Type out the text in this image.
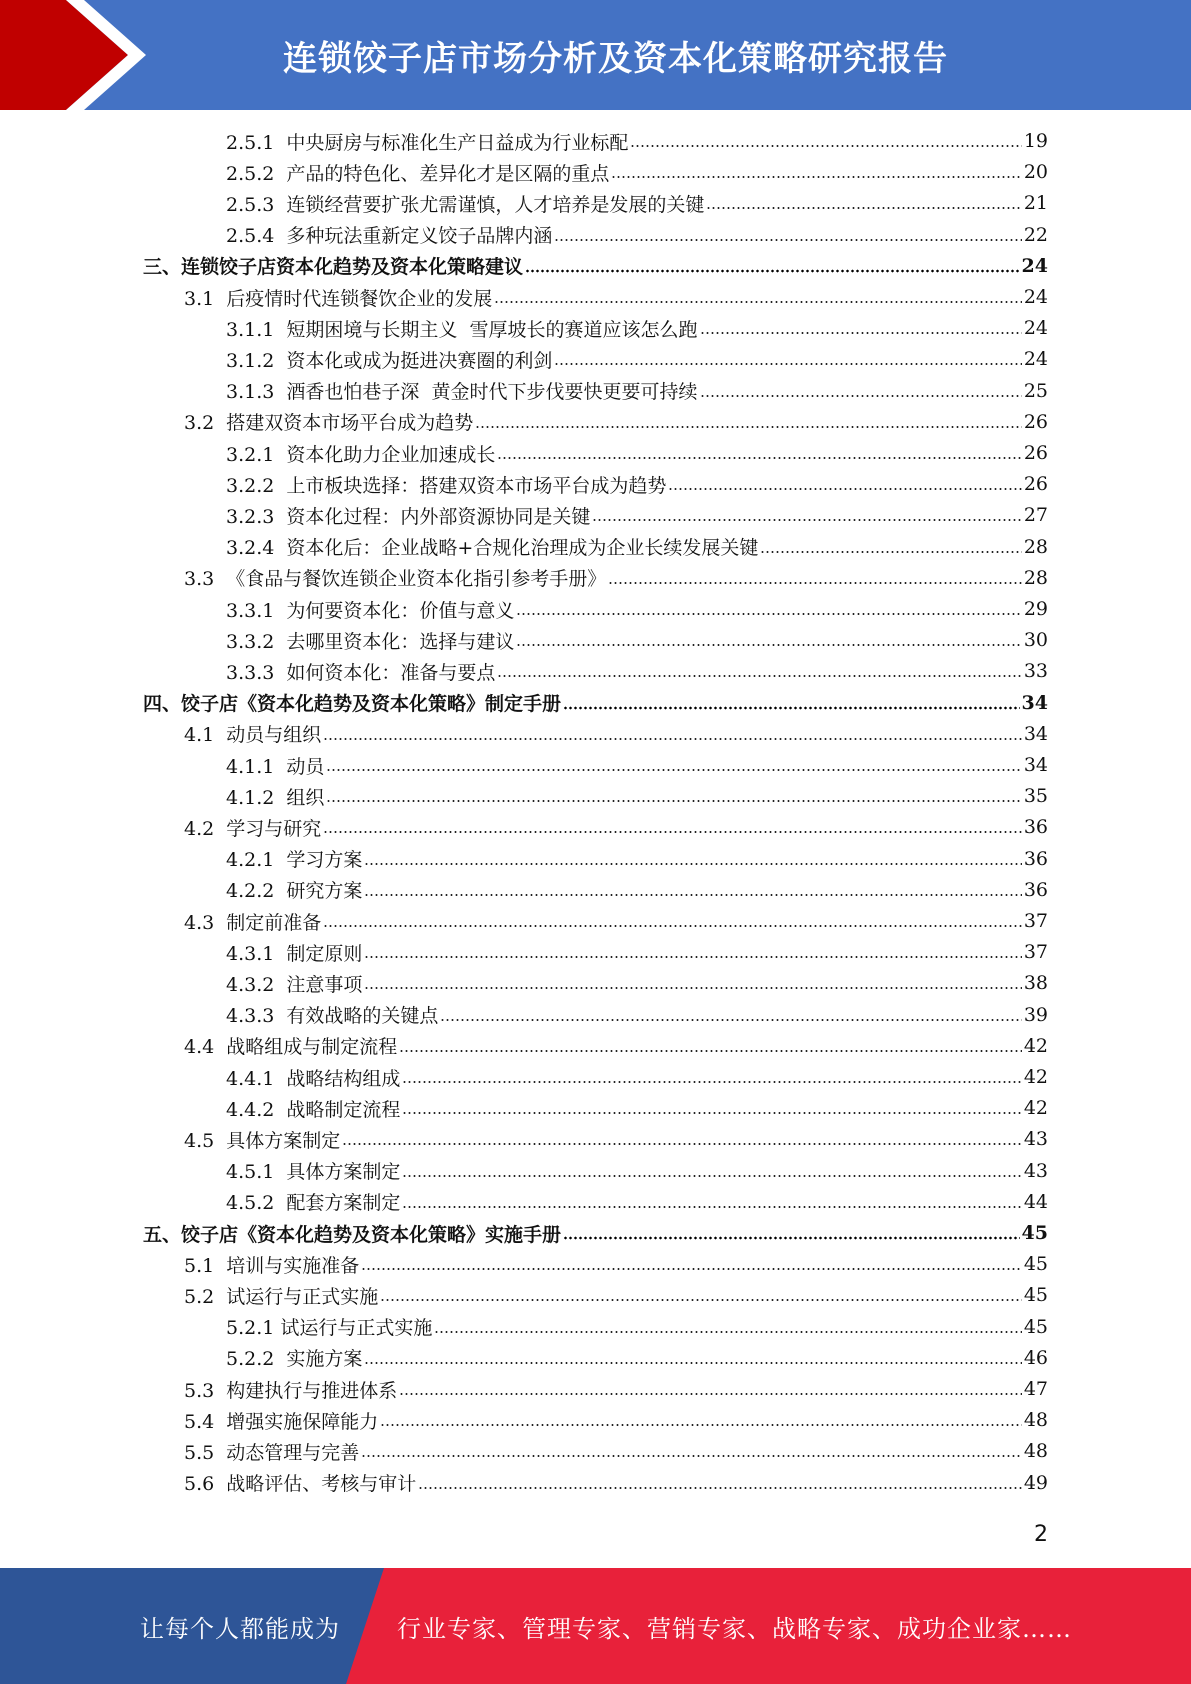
连锁饺子店市场分析及资本化策略研究报告
2.5.1  中央厨房与标准化生产日益成为行业标配	19
2.5.2  产品的特色化、差异化才是区隔的重点	20
2.5.3  连锁经营要扩张尤需谨慎，人才培养是发展的关键	21
2.5.4  多种玩法重新定义饺子品牌内涵	22
三、连锁饺子店资本化趋势及资本化策略建议	24
3.1  后疫情时代连锁餐饮企业的发展	24
3.1.1  短期困境与长期主义  雪厚坡长的赛道应该怎么跑	24
3.1.2  资本化或成为挺进决赛圈的利剑	24
3.1.3  酒香也怕巷子深  黄金时代下步伐要快更要可持续	25
3.2  搭建双资本市场平台成为趋势	26
3.2.1  资本化助力企业加速成长	26
3.2.2  上市板块选择：搭建双资本市场平台成为趋势	26
3.2.3  资本化过程：内外部资源协同是关键	27
3.2.4  资本化后：企业战略+合规化治理成为企业长续发展关键	28
3.3  《食品与餐饮连锁企业资本化指引参考手册》	28
3.3.1  为何要资本化：价值与意义	29
3.3.2  去哪里资本化：选择与建议	30
3.3.3  如何资本化：准备与要点	33
四、饺子店《资本化趋势及资本化策略》制定手册	34
4.1  动员与组织	34
4.1.1  动员	34
4.1.2  组织	35
4.2  学习与研究	36
4.2.1  学习方案	36
4.2.2  研究方案	36
4.3  制定前准备	37
4.3.1  制定原则	37
4.3.2  注意事项	38
4.3.3  有效战略的关键点	39
4.4  战略组成与制定流程	42
4.4.1  战略结构组成	42
4.4.2  战略制定流程	42
4.5  具体方案制定	43
4.5.1  具体方案制定	43
4.5.2  配套方案制定	44
五、饺子店《资本化趋势及资本化策略》实施手册	45
5.1  培训与实施准备	45
5.2  试运行与正式实施	45
5.2.1 试运行与正式实施	45
5.2.2  实施方案	46
5.3  构建执行与推进体系	47
5.4  增强实施保障能力	48
5.5  动态管理与完善	48
5.6  战略评估、考核与审计	49
2
让每个人都能成为 行业专家、管理专家、营销专家、战略专家、成功企业家……
